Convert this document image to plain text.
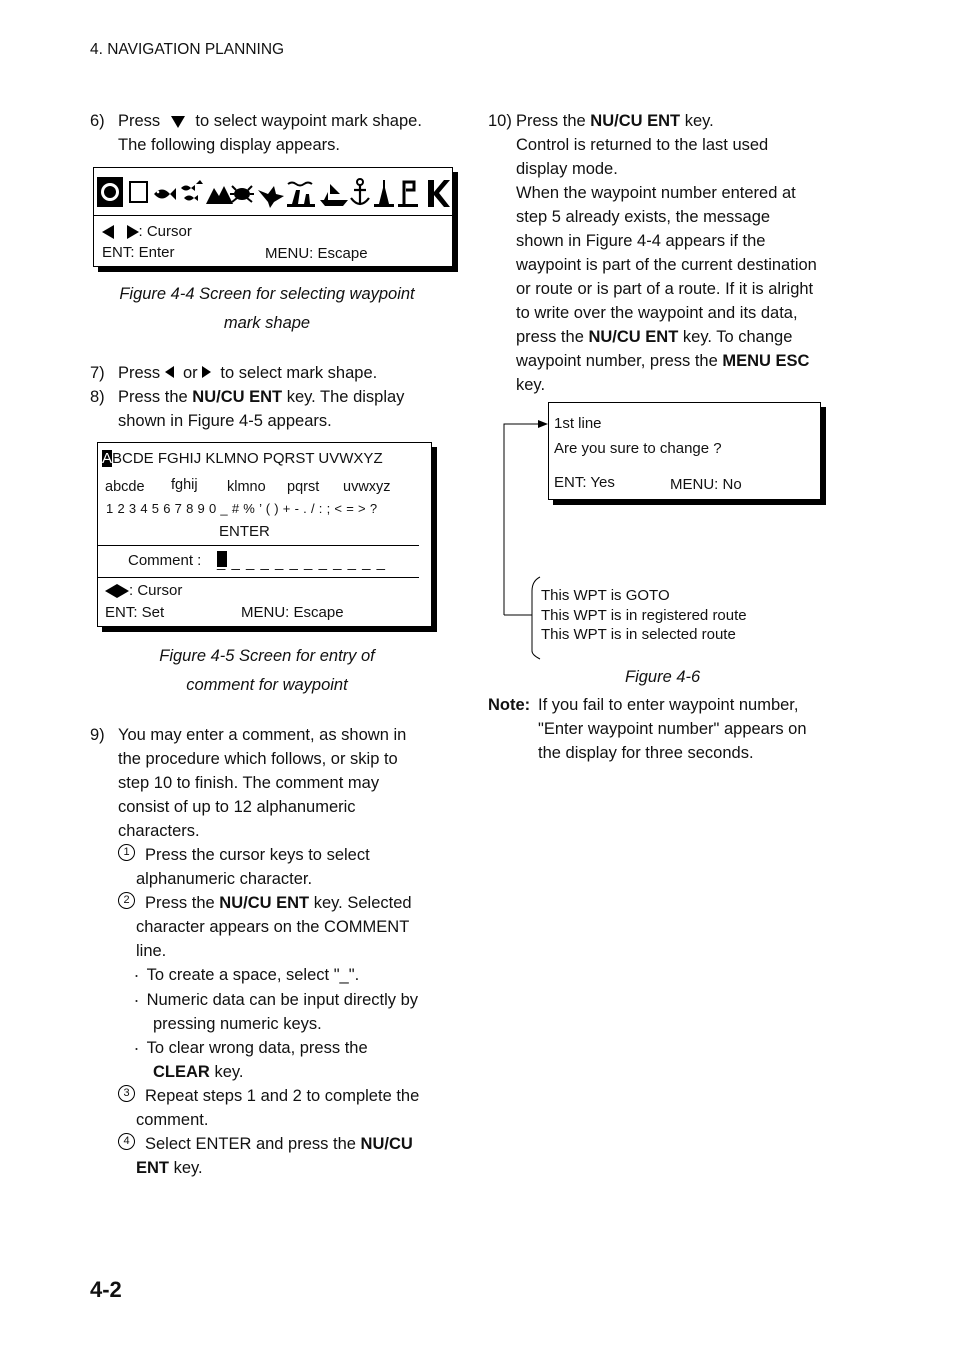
4. NAVIGATION PLANNING
6) Press to select waypoint mark shape.
The following display appears.
: Cursor
ENT: Enter	MENU: Escape
Figure 4-4 Screen for selecting waypoint
mark shape
7) Press or to select mark shape.
8) Press the NU/CU ENT key. The display
shown in Figure 4-5 appears.
ABCDE FGHIJ KLMNO PQRST UVWXYZ
abcde fghij klmno pqrst uvwxyz
1 2 3 4 5 6 7 8 9 0 _ # % ’ ( ) + - . / : ; < = > ?
ENTER
Comment : _ _ _ _ _ _ _ _ _ _ _ _
: Cursor
ENT: Set	MENU: Escape
Figure 4-5 Screen for entry of
comment for waypoint
9) You may enter a comment, as shown in
the procedure which follows, or skip to
step 10 to finish. The comment may
consist of up to 12 alphanumeric
characters.
1 Press the cursor keys to select
alphanumeric character.
2 Press the NU/CU ENT key. Selected
character appears on the COMMENT
line.
・ To create a space, select "_".
・ Numeric data can be input directly by
pressing numeric keys.
・ To clear wrong data, press the
CLEAR key.
3 Repeat steps 1 and 2 to complete the
comment.
4 Select ENTER and press the NU/CU
ENT key.
4-2
10) Press the NU/CU ENT key.
Control is returned to the last used
display mode.
When the waypoint number entered at
step 5 already exists, the message
shown in Figure 4-4 appears if the
waypoint is part of the current destination
or route or is part of a route. If it is alright
to write over the waypoint and its data,
press the NU/CU ENT key. To change
waypoint number, press the MENU ESC
key.
1st line
Are you sure to change ?
ENT: Yes	MENU: No
This WPT is GOTO
This WPT is in registered route
This WPT is in selected route
Figure 4-6
Note: If you fail to enter waypoint number,
"Enter waypoint number" appears on
the display for three seconds.
